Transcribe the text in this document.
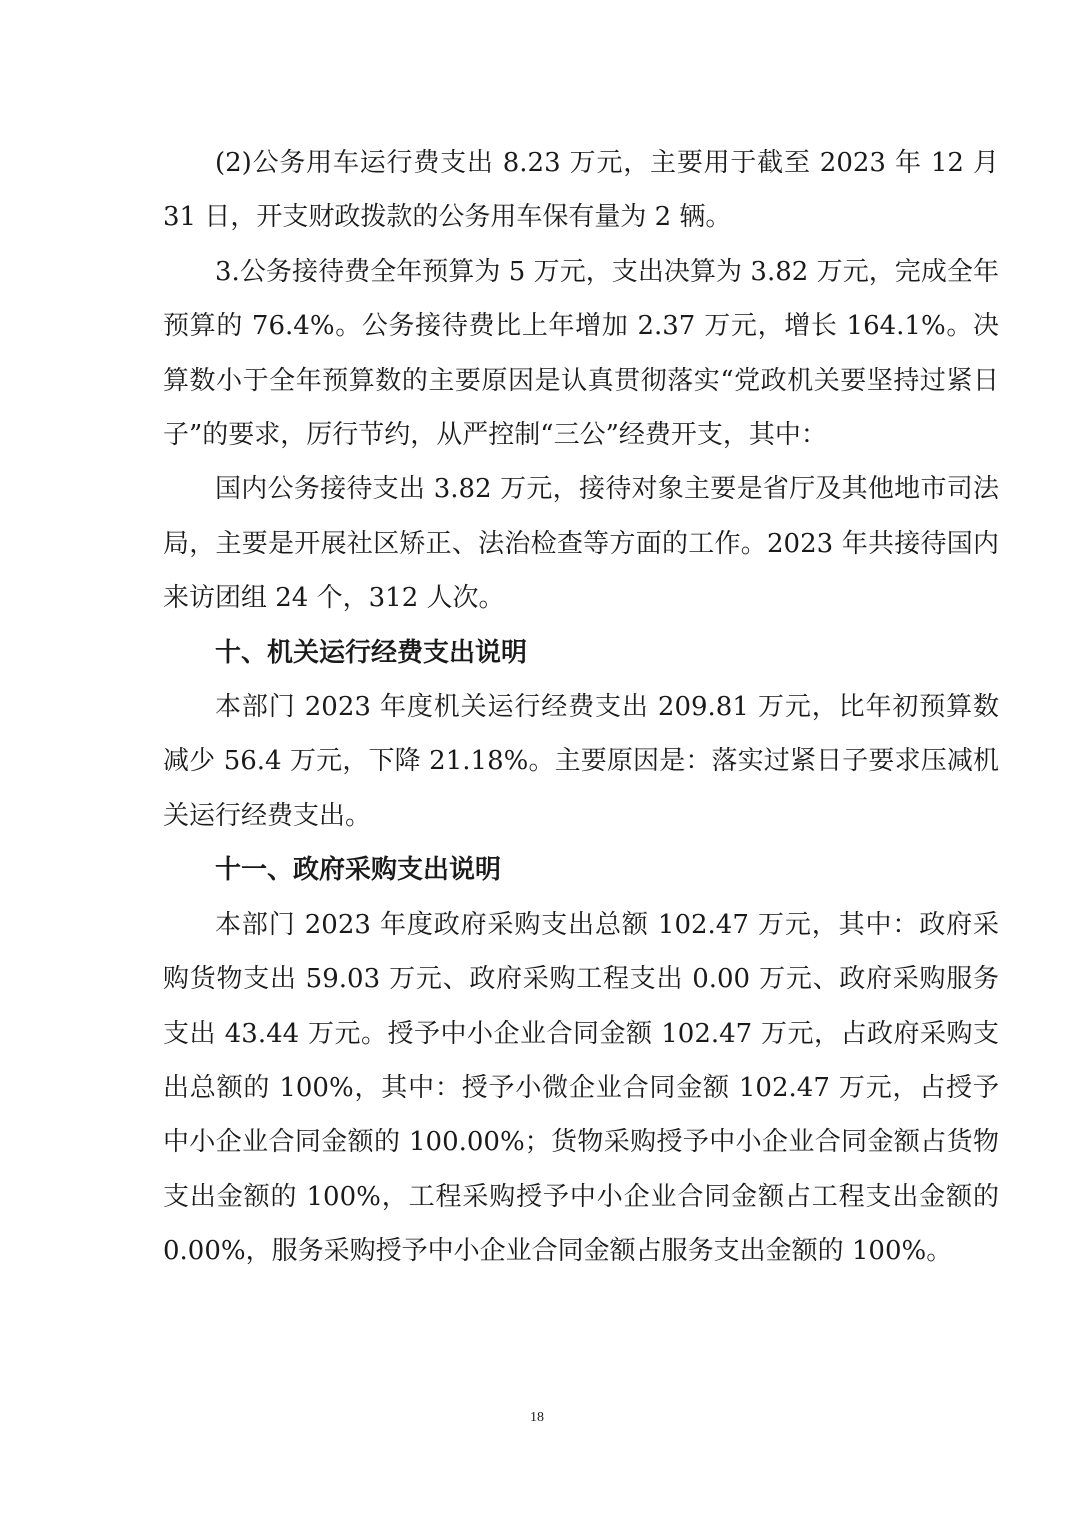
(2)公务用车运行费支出 8.23 万元，主要用于截至 2023 年 12 月 31 日，开支财政拨款的公务用车保有量为 2 辆。

3.公务接待费全年预算为 5 万元，支出决算为 3.82 万元，完成全年预算的 76.4%。公务接待费比上年增加 2.37 万元，增长 164.1%。决算数小于全年预算数的主要原因是认真贯彻落实“党政机关要坚持过紧日子”的要求，厉行节约，从严控制“三公”经费开支，其中：

国内公务接待支出 3.82 万元，接待对象主要是省厅及其他地市司法局，主要是开展社区矫正、法治检查等方面的工作。2023 年共接待国内来访团组 24 个，312 人次。

十、机关运行经费支出说明

本部门 2023 年度机关运行经费支出 209.81 万元，比年初预算数减少 56.4 万元，下降 21.18%。主要原因是：落实过紧日子要求压减机关运行经费支出。

十一、政府采购支出说明

本部门 2023 年度政府采购支出总额 102.47 万元，其中：政府采购货物支出 59.03 万元、政府采购工程支出 0.00 万元、政府采购服务支出 43.44 万元。授予中小企业合同金额 102.47 万元，占政府采购支出总额的 100%，其中：授予小微企业合同金额 102.47 万元，占授予中小企业合同金额的 100.00%；货物采购授予中小企业合同金额占货物支出金额的 100%，工程采购授予中小企业合同金额占工程支出金额的 0.00%，服务采购授予中小企业合同金额占服务支出金额的 100%。

18
